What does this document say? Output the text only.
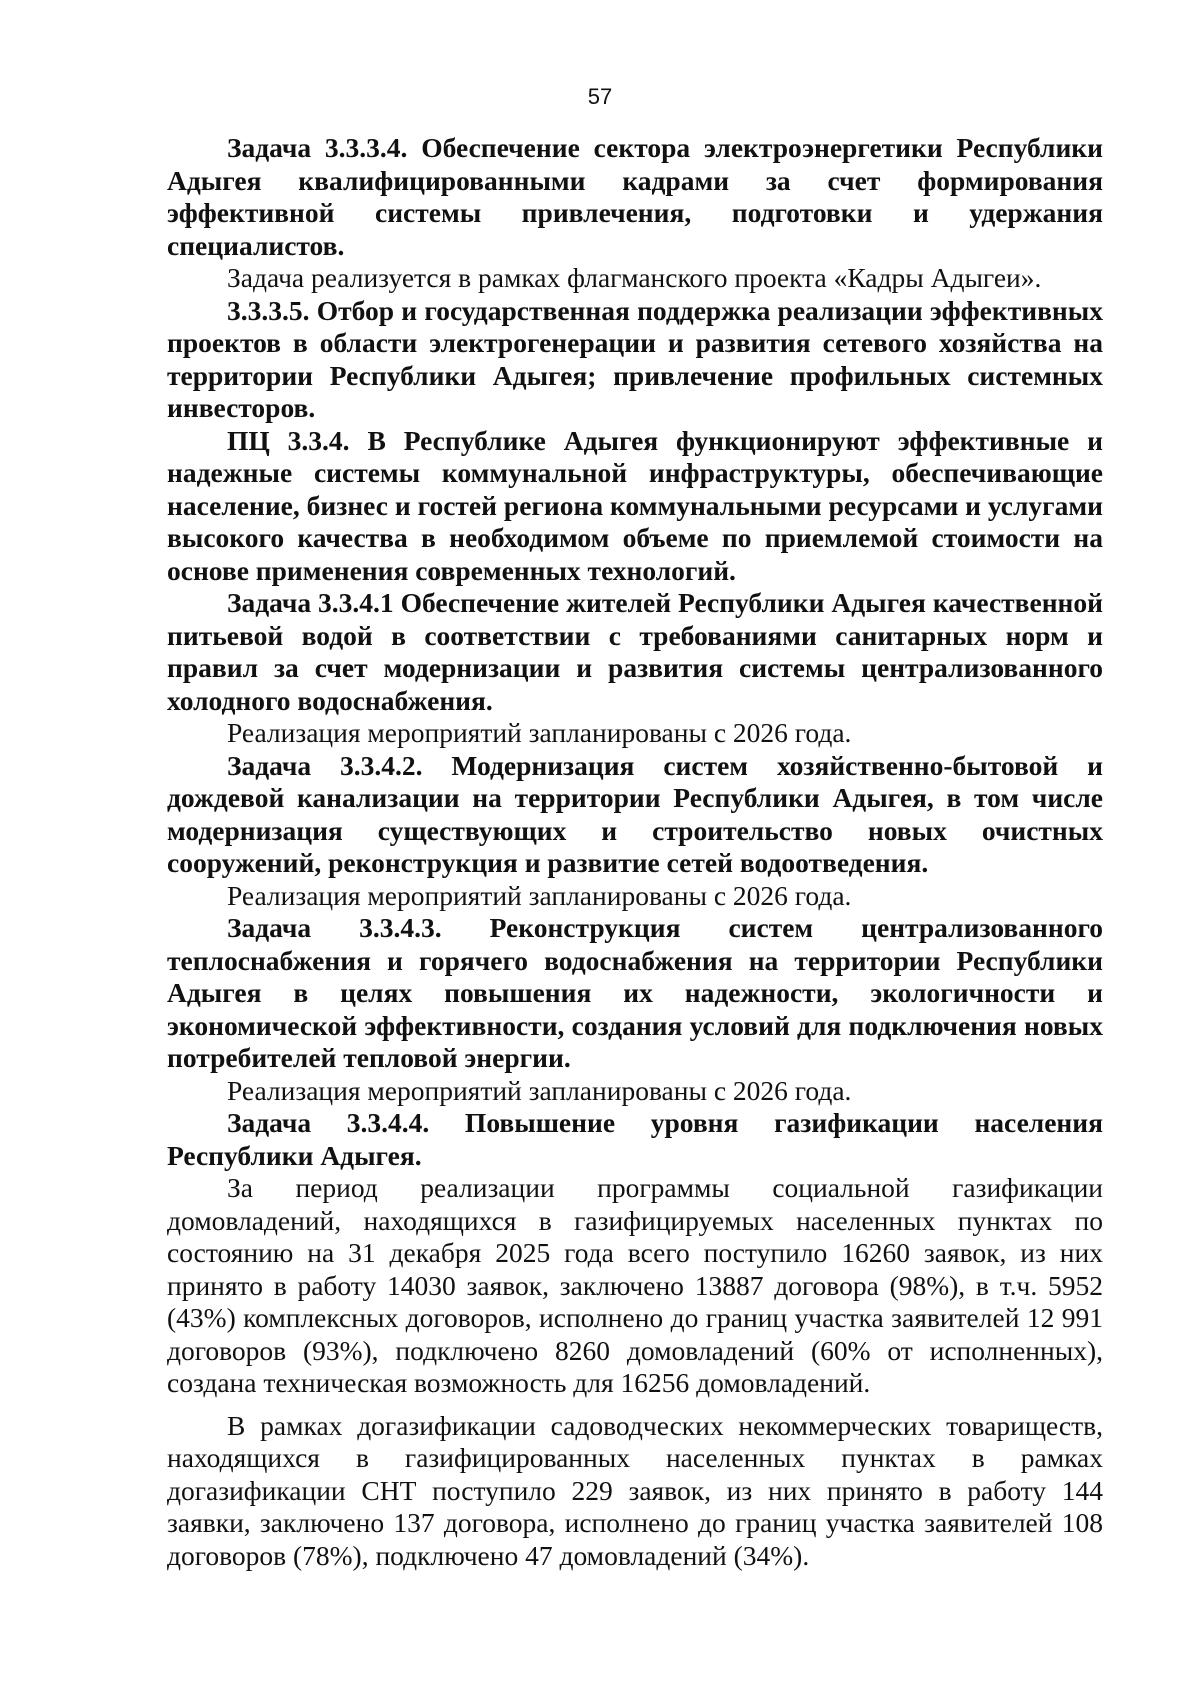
57

Задача 3.3.3.4. Обеспечение сектора электроэнергетики Республики Адыгея квалифицированными кадрами за счет формирования эффективной системы привлечения, подготовки и удержания специалистов.

Задача реализуется в рамках флагманского проекта «Кадры Адыгеи».

3.3.3.5. Отбор и государственная поддержка реализации эффективных проектов в области электрогенерации и развития сетевого хозяйства на территории Республики Адыгея; привлечение профильных системных инвесторов.

ПЦ 3.3.4. В Республике Адыгея функционируют эффективные и надежные системы коммунальной инфраструктуры, обеспечивающие население, бизнес и гостей региона коммунальными ресурсами и услугами высокого качества в необходимом объеме по приемлемой стоимости на основе применения современных технологий.

Задача 3.3.4.1 Обеспечение жителей Республики Адыгея качественной питьевой водой в соответствии с требованиями санитарных норм и правил за счет модернизации и развития системы централизованного холодного водоснабжения.

Реализация мероприятий запланированы с 2026 года.

Задача 3.3.4.2. Модернизация систем хозяйственно-бытовой и дождевой канализации на территории Республики Адыгея, в том числе модернизация существующих и строительство новых очистных сооружений, реконструкция и развитие сетей водоотведения.

Реализация мероприятий запланированы с 2026 года.

Задача 3.3.4.3. Реконструкция систем централизованного теплоснабжения и горячего водоснабжения на территории Республики Адыгея в целях повышения их надежности, экологичности и экономической эффективности, создания условий для подключения новых потребителей тепловой энергии.

Реализация мероприятий запланированы с 2026 года.

Задача 3.3.4.4. Повышение уровня газификации населения Республики Адыгея.

За период реализации программы социальной газификации домовладений, находящихся в газифицируемых населенных пунктах по состоянию на 31 декабря 2025 года всего поступило 16260 заявок, из них принято в работу 14030 заявок, заключено 13887 договора (98%), в т.ч. 5952 (43%) комплексных договоров, исполнено до границ участка заявителей 12 991 договоров (93%), подключено 8260 домовладений (60% от исполненных), создана техническая возможность для 16256 домовладений.

В рамках догазификации садоводческих некоммерческих товариществ, находящихся в газифицированных населенных пунктах в рамках догазификации СНТ поступило 229 заявок, из них принято в работу 144 заявки, заключено 137 договора, исполнено до границ участка заявителей 108 договоров (78%), подключено 47 домовладений (34%).
